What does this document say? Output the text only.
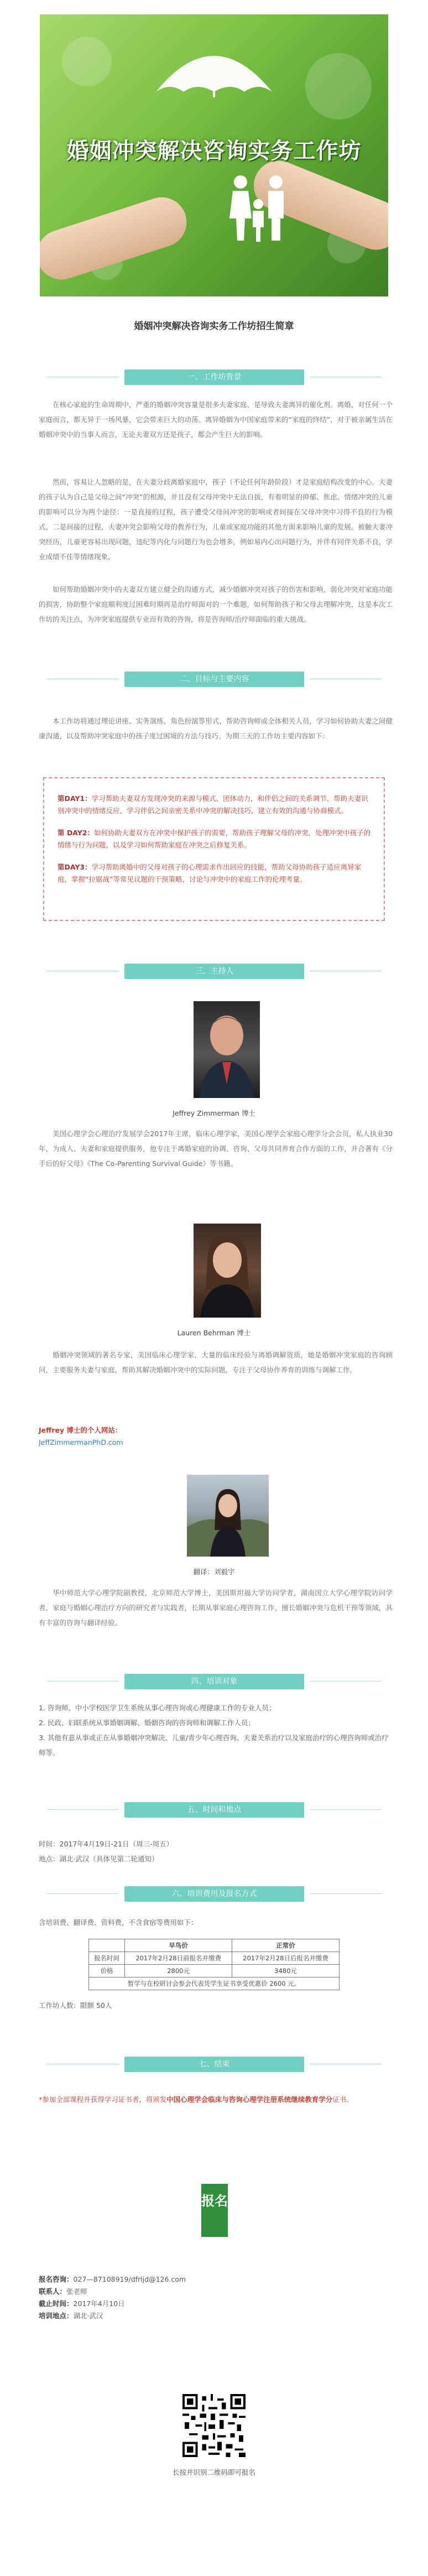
婚姻冲突解决咨询实务工作坊
婚姻冲突解决咨询实务工作坊招生简章
一、工作坊背景

在核心家庭的生命周期中，严重的婚姻冲突容量是很多夫妻家庭、是导致夫妻离异的催化剂。离婚，对任何一个家庭而言，都无异于一场风暴，它会带来巨大的动荡。离异婚姻为中国家庭带来的“家庭的终结”，对于被亲属生活在婚姻冲突中的当事人而言，无论夫妻双方还是孩子，都会产生巨大的影响。

然而，容易让人忽略的是，在夫妻分歧离婚家庭中，孩子（不论任何年龄阶段）才是家庭结构改变的中心。夫妻的孩子认为自己是父母之间“冲突”的根源，并且没有父母冲突中无法自拔，有着明显的抑郁、焦虑、情绪冲突的儿童的影响可以分为两个途径：一是直接的过程，孩子遭受父母间冲突的影响或者间接在父母冲突中习得不良的行为模式，二是间接的过程，夫妻冲突会影响父母的教养行为，儿童或家庭功能的其他方面来影响儿童的发展。被触夫妻冲突经历，儿童更容易出现问题，违纪等内化与问题行为也会增多，例如易内心出问题行为，并伴有同伴关系不良，学业成绩不佳等情绪现象。

如何帮助婚姻冲突中的夫妻双方建立健全的沟通方式，减少婚姻冲突对孩子的伤害和影响，弱化冲突对家庭功能的损害，协助整个家庭顺利度过困难时期再是治疗师面对的一个难题，如何帮助孩子和父母去理解冲突，这是本次工作坊的关注点，为冲突家庭提供专业而有效的咨询，将是咨询师/治疗师面临的重大挑战。

二、目标与主要内容

本工作坊将通过理论讲座、实务演练、角色扮演等形式，帮助咨询师或全体相关人员，学习如何协助夫妻之间健康沟通，以及帮助冲突家庭中的孩子度过困境的方法与技巧。为期三天的工作坊主要内容如下：

第DAY1：学习帮助夫妻双方发现冲突的来源与模式、团体动力，和伴侣之间的关系调节、帮助夫妻识别冲突中的情绪反应，学习伴侣之间亲密关系中冲突的解决技巧，建立有效的沟通与协商模式。

第 DAY2：如何协助夫妻双方在冲突中保护孩子的需要，帮助孩子理解父母的冲突，处理冲突中孩子的情绪与行为问题，以及学习如何帮助家庭在冲突之后修复关系。

第DAY3：学习帮助离婚中的父母对孩子的心理需求作出回应的技能，帮助父母协助孩子适应离异家庭，掌握“拉锯战”等常见议题的干预策略，讨论与冲突中的家庭工作的伦理考量。

三、主持人
Jeffrey Zimmerman 博士

美国心理学会心理治疗发展学会2017年主席，临床心理学家，美国心理学会家庭心理学分会会员，私人执业30年，为成人、夫妻和家庭提供服务，他专注于离婚家庭的协调、咨询、父母共同养育合作方面的工作，并合著有《分手后的好父母》《The Co-Parenting Survival Guide》等书籍。

Lauren Behrman 博士

婚姻冲突领域的著名专家，美国临床心理学家，大量的临床经验与离婚调解资质，她是婚姻冲突家庭的咨询顾问，主要服务夫妻与家庭，帮助其解决婚姻冲突中的实际问题，专注于父母协作养育的训练与调解工作。

Jeffrey 博士的个人网站：
JeffZimmermanPhD.com
翻译：刘毅宇

华中师范大学心理学院副教授，北京师范大学博士，美国斯坦福大学访问学者，湖南国立大学心理学院访问学者，家庭与婚姻心理治疗方向的研究者与实践者，长期从事家庭心理咨询工作，擅长婚姻冲突与危机干预等领域，具有丰富的咨询与翻译经验。

四、培训对象
1. 咨询师、中小学校医学卫生系统从事心理咨询或心理健康工作的专业人员；
2. 民政、妇联系统从事婚姻调解、婚姻咨询的咨询师和调解工作人员；
3. 其他有意从事或正在从事婚姻冲突解决、儿童/青少年心理咨询、夫妻关系治疗以及家庭治疗的心理咨询师或治疗师等。
五、时间和地点
时间：2017年4月19日-21日（周三-周五）
地点：湖北·武汉（具体见第二轮通知）
六、培训费用及报名方式
含培训费、翻译费、资料费，不含食宿等费用如下：
	早鸟价	正常价
报名时间	2017年2月28日前报名并缴费	2017年2月28日后报名并缴费
价格	2800元	3480元
暂学与在校研讨会参会代表凭学生证书享受优惠价 2600 元。		
工作坊人数：限额 50人
七、结束
*参加全部课程并获得学习证书者，将颁发中国心理学会临床与咨询心理学注册系统继续教育学分证书。
报名
报名咨询：027—87108919/dfrljd@126.com
联系人：张老师
截止时间：2017年4月10日
培训地点：湖北·武汉
长按并识别二维码即可报名
